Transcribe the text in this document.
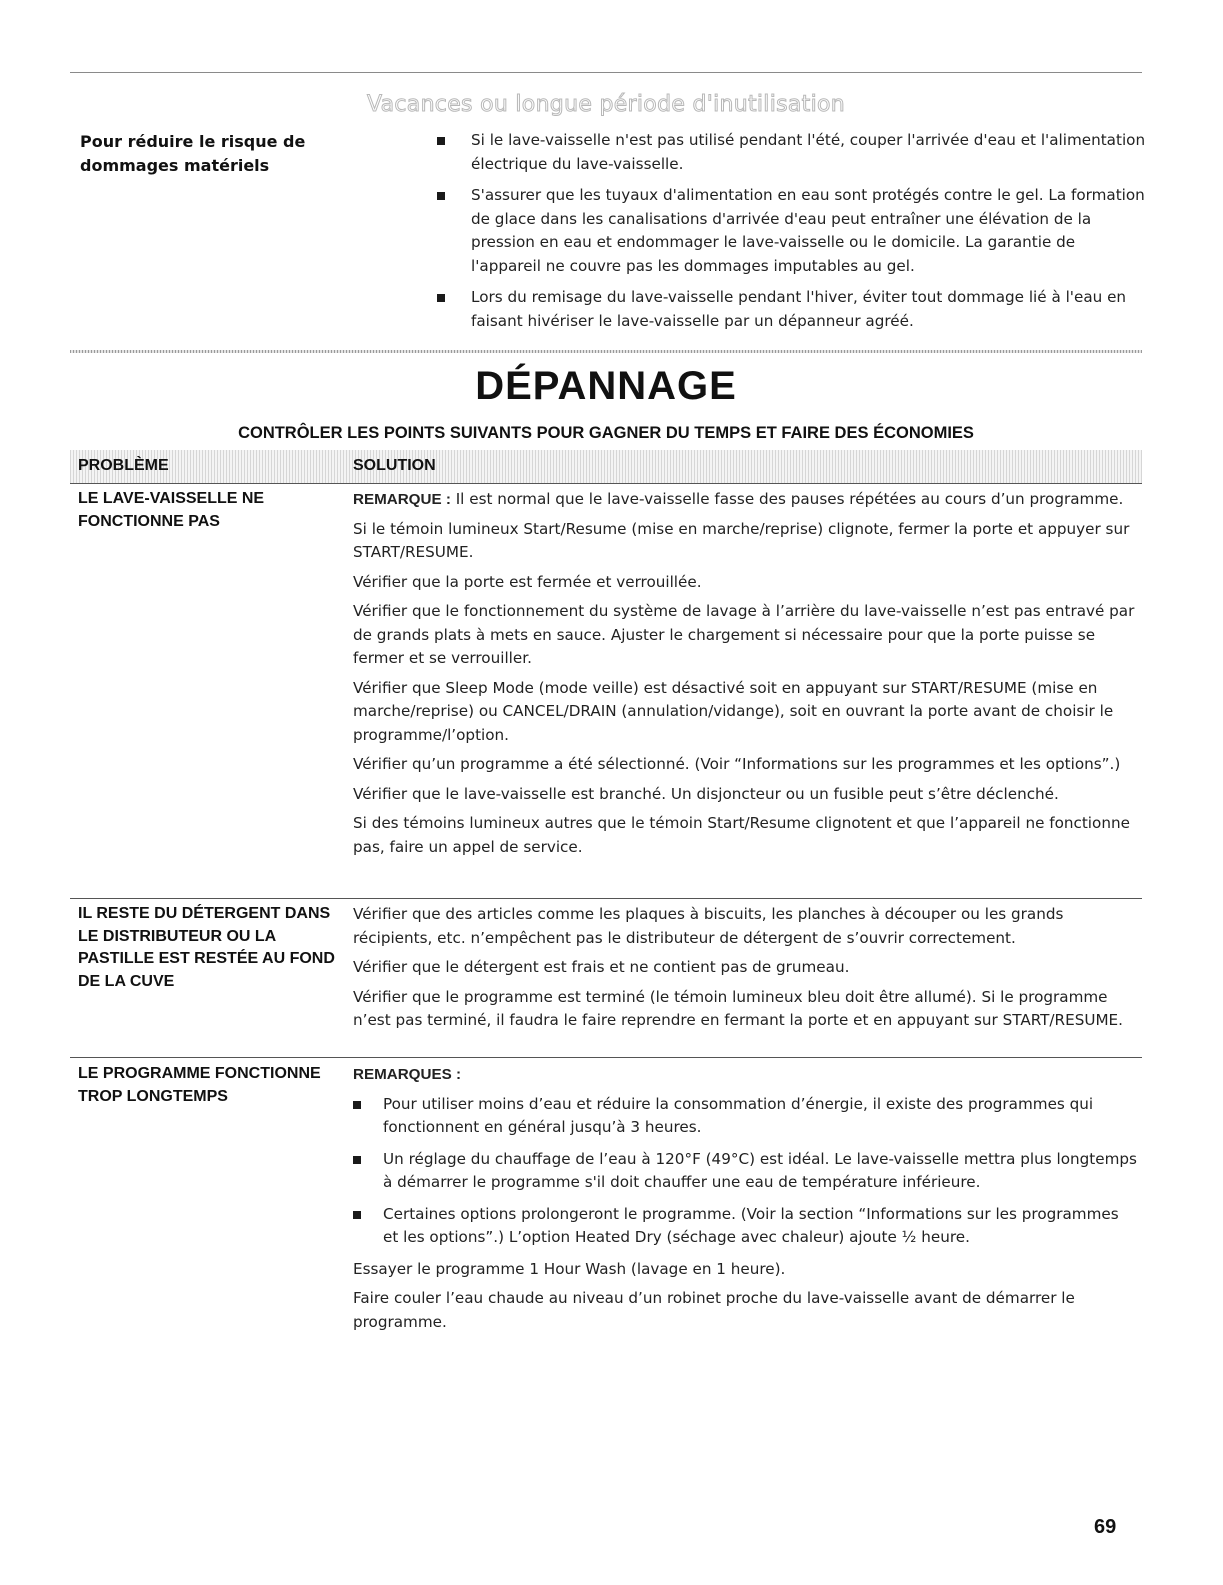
Vacances ou longue période d'inutilisation
Pour réduire le risque de dommages matériels
Si le lave-vaisselle n'est pas utilisé pendant l'été, couper l'arrivée d'eau et l'alimentation électrique du lave-vaisselle.
S'assurer que les tuyaux d'alimentation en eau sont protégés contre le gel. La formation de glace dans les canalisations d'arrivée d'eau peut entraîner une élévation de la pression en eau et endommager le lave-vaisselle ou le domicile. La garantie de l'appareil ne couvre pas les dommages imputables au gel.
Lors du remisage du lave-vaisselle pendant l'hiver, éviter tout dommage lié à l'eau en faisant hivériser le lave-vaisselle par un dépanneur agréé.
DÉPANNAGE
CONTRÔLER LES POINTS SUIVANTS POUR GAGNER DU TEMPS ET FAIRE DES ÉCONOMIES
PROBLÈME	SOLUTION
LE LAVE-VAISSELLE NE FONCTIONNE PAS

REMARQUE : Il est normal que le lave-vaisselle fasse des pauses répétées au cours d’un programme.

Si le témoin lumineux Start/Resume (mise en marche/reprise) clignote, fermer la porte et appuyer sur START/RESUME.

Vérifier que la porte est fermée et verrouillée.

Vérifier que le fonctionnement du système de lavage à l’arrière du lave-vaisselle n’est pas entravé par de grands plats à mets en sauce. Ajuster le chargement si nécessaire pour que la porte puisse se fermer et se verrouiller.

Vérifier que Sleep Mode (mode veille) est désactivé soit en appuyant sur START/RESUME (mise en marche/reprise) ou CANCEL/DRAIN (annulation/vidange), soit en ouvrant la porte avant de choisir le programme/l’option.

Vérifier qu’un programme a été sélectionné. (Voir “Informations sur les programmes et les options”.)

Vérifier que le lave-vaisselle est branché. Un disjoncteur ou un fusible peut s’être déclenché.

Si des témoins lumineux autres que le témoin Start/Resume clignotent et que l’appareil ne fonctionne pas, faire un appel de service.

IL RESTE DU DÉTERGENT DANS LE DISTRIBUTEUR OU LA PASTILLE EST RESTÉE AU FOND DE LA CUVE

Vérifier que des articles comme les plaques à biscuits, les planches à découper ou les grands récipients, etc. n’empêchent pas le distributeur de détergent de s’ouvrir correctement.

Vérifier que le détergent est frais et ne contient pas de grumeau.

Vérifier que le programme est terminé (le témoin lumineux bleu doit être allumé). Si le programme n’est pas terminé, il faudra le faire reprendre en fermant la porte et en appuyant sur START/RESUME.

LE PROGRAMME FONCTIONNE TROP LONGTEMPS

REMARQUES :

Pour utiliser moins d’eau et réduire la consommation d’énergie, il existe des programmes qui fonctionnent en général jusqu’à 3 heures.
Un réglage du chauffage de l’eau à 120°F (49°C) est idéal. Le lave-vaisselle mettra plus longtemps à démarrer le programme s'il doit chauffer une eau de température inférieure.
Certaines options prolongeront le programme. (Voir la section “Informations sur les programmes et les options”.) L’option Heated Dry (séchage avec chaleur) ajoute ½ heure.

Essayer le programme 1 Hour Wash (lavage en 1 heure).

Faire couler l’eau chaude au niveau d’un robinet proche du lave-vaisselle avant de démarrer le programme.

69
